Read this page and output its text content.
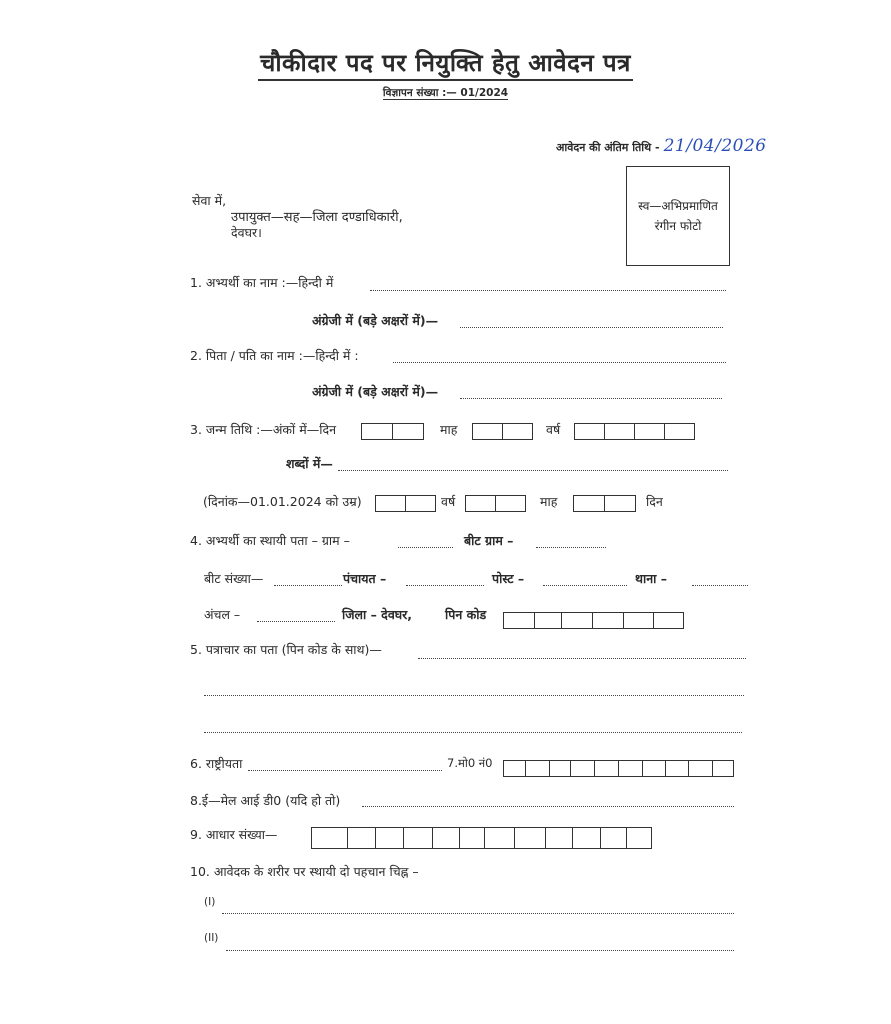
चौकीदार पद पर नियुक्ति हेतु आवेदन पत्र
विज्ञापन संख्या :— 01/2024
आवेदन की अंतिम तिथि - 21/04/2026
स्व—अभिप्रमाणित
रंगीन फोटो
सेवा में,
उपायुक्त—सह—जिला दण्डाधिकारी,
देवघर।
1. अभ्यर्थी का नाम :—हिन्दी में
अंग्रेजी में (बड़े अक्षरों में)—
2. पिता / पति का नाम :—हिन्दी में :
अंग्रेजी में (बड़े अक्षरों में)—
3. जन्म तिथि :—अंकों में—दिन	माह	वर्ष
शब्दों में—
(दिनांक—01.01.2024 को उम्र)	वर्ष	माह	दिन
4. अभ्यर्थी का स्थायी पता – ग्राम –	बीट ग्राम –
बीट संख्या—	पंचायत –	पोस्ट –	थाना –
अंचल –	जिला – देवघर,	पिन कोड
5. पत्राचार का पता (पिन कोड के साथ)—
6. राष्ट्रीयता	7.मो0 नं0
8.ई—मेल आई डी0 (यदि हो तो)
9. आधार संख्या—
10. आवेदक के शरीर पर स्थायी दो पहचान चिह्न –
(I)
(II)
